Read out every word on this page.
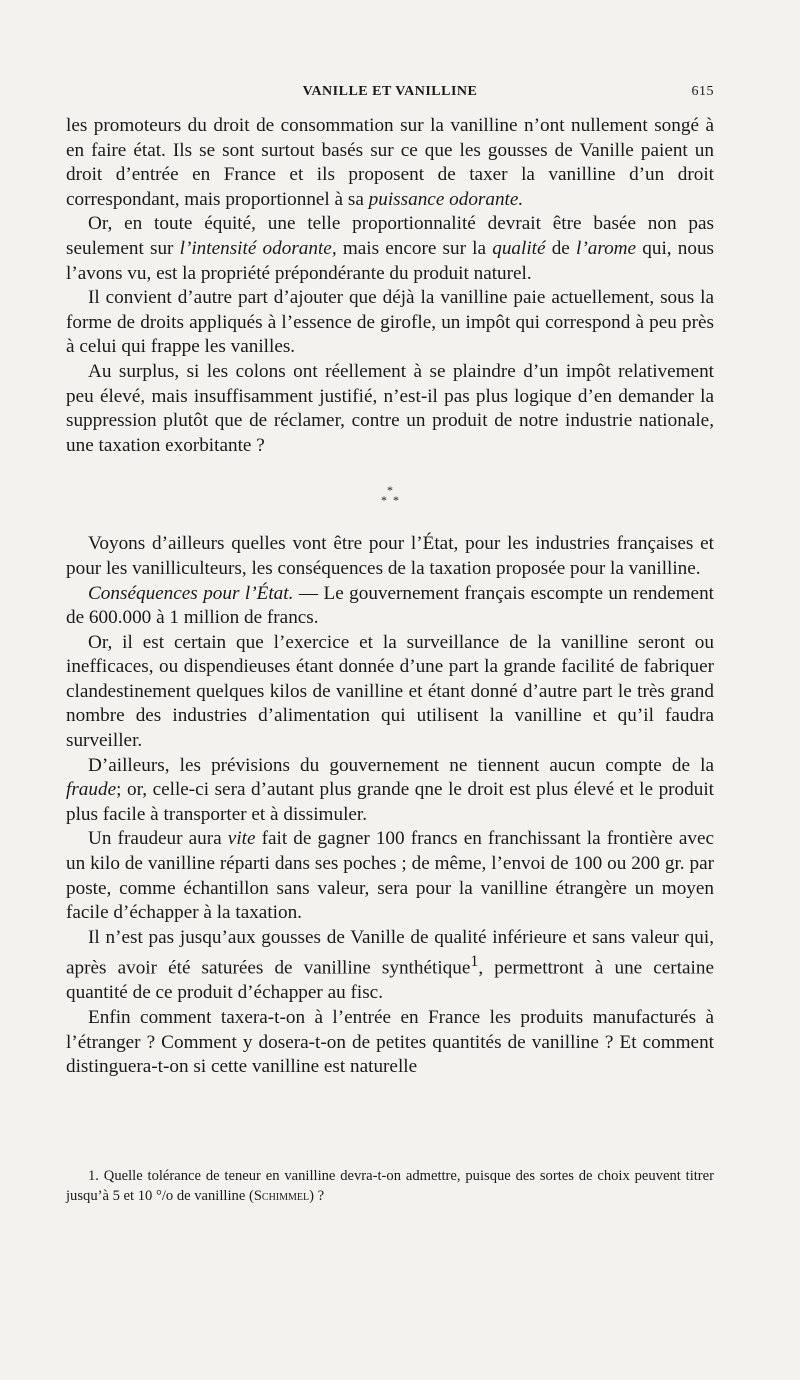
VANILLE ET VANILLINE	615

les promoteurs du droit de consommation sur la vanilline n’ont nullement songé à en faire état. Ils se sont surtout basés sur ce que les gousses de Vanille paient un droit d’entrée en France et ils proposent de taxer la vanilline d’un droit correspondant, mais proportionnel à sa puissance odorante.

Or, en toute équité, une telle proportionnalité devrait être basée non pas seulement sur l’intensité odorante, mais encore sur la qualité de l’arome qui, nous l’avons vu, est la propriété prépondérante du produit naturel.

Il convient d’autre part d’ajouter que déjà la vanilline paie actuellement, sous la forme de droits appliqués à l’essence de girofle, un impôt qui correspond à peu près à celui qui frappe les vanilles.

Au surplus, si les colons ont réellement à se plaindre d’un impôt relativement peu élevé, mais insuffisamment justifié, n’est-il pas plus logique d’en demander la suppression plutôt que de réclamer, contre un produit de notre industrie nationale, une taxation exorbitante ?

*
* *

Voyons d’ailleurs quelles vont être pour l’État, pour les industries françaises et pour les vanilliculteurs, les conséquences de la taxation proposée pour la vanilline.

Conséquences pour l’État. — Le gouvernement français escompte un rendement de 600.000 à 1 million de francs.

Or, il est certain que l’exercice et la surveillance de la vanilline seront ou inefficaces, ou dispendieuses étant donnée d’une part la grande facilité de fabriquer clandestinement quelques kilos de vanilline et étant donné d’autre part le très grand nombre des industries d’alimentation qui utilisent la vanilline et qu’il faudra surveiller.

D’ailleurs, les prévisions du gouvernement ne tiennent aucun compte de la fraude; or, celle-ci sera d’autant plus grande qne le droit est plus élevé et le produit plus facile à transporter et à dissimuler.

Un fraudeur aura vite fait de gagner 100 francs en franchissant la frontière avec un kilo de vanilline réparti dans ses poches ; de même, l’envoi de 100 ou 200 gr. par poste, comme échantillon sans valeur, sera pour la vanilline étrangère un moyen facile d’échapper à la taxation.

Il n’est pas jusqu’aux gousses de Vanille de qualité inférieure et sans valeur qui, après avoir été saturées de vanilline synthétique$^1$, permettront à une certaine quantité de ce produit d’échapper au fisc.

Enfin comment taxera-t-on à l’entrée en France les produits manufacturés à l’étranger ? Comment y dosera-t-on de petites quantités de vanilline ? Et comment distinguera-t-on si cette vanilline est naturelle

1. Quelle tolérance de teneur en vanilline devra-t-on admettre, puisque des sortes de choix peuvent titrer jusqu’à 5 et 10 °/o de vanilline (Schimmel) ?
